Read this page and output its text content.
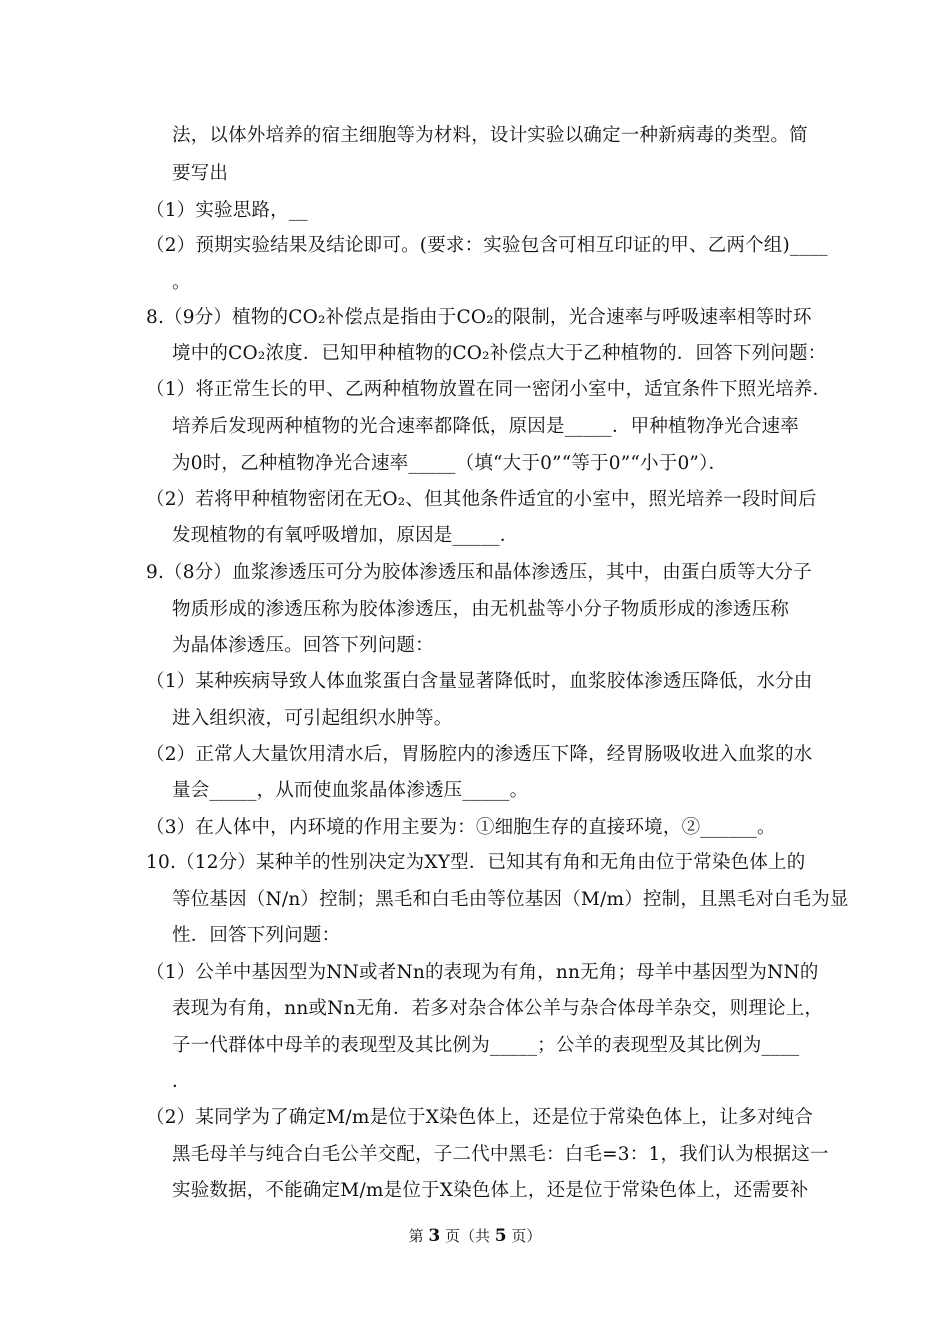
法，以体外培养的宿主细胞等为材料，设计实验以确定一种新病毒的类型。简
要写出
（1）实验思路，__
（2）预期实验结果及结论即可。(要求：实验包含可相互印证的甲、乙两个组)____
。
8.（9分）植物的CO₂补偿点是指由于CO₂的限制，光合速率与呼吸速率相等时环
境中的CO₂浓度．已知甲种植物的CO₂补偿点大于乙种植物的．回答下列问题：
（1）将正常生长的甲、乙两种植物放置在同一密闭小室中，适宜条件下照光培养．
培养后发现两种植物的光合速率都降低，原因是_____．甲种植物净光合速率
为0时，乙种植物净光合速率_____（填“大于0”“等于0”“小于0”）．
（2）若将甲种植物密闭在无O₂、但其他条件适宜的小室中，照光培养一段时间后
发现植物的有氧呼吸增加，原因是_____．
9.（8分）血浆渗透压可分为胶体渗透压和晶体渗透压，其中，由蛋白质等大分子
物质形成的渗透压称为胶体渗透压，由无机盐等小分子物质形成的渗透压称
为晶体渗透压。回答下列问题：
（1）某种疾病导致人体血浆蛋白含量显著降低时，血浆胶体渗透压降低，水分由
进入组织液，可引起组织水肿等。
（2）正常人大量饮用清水后，胃肠腔内的渗透压下降，经胃肠吸收进入血浆的水
量会_____，从而使血浆晶体渗透压_____。
（3）在人体中，内环境的作用主要为：①细胞生存的直接环境，②______。
10.（12分）某种羊的性别决定为XY型．已知其有角和无角由位于常染色体上的
等位基因（N/n）控制；黑毛和白毛由等位基因（M/m）控制，且黑毛对白毛为显
性．回答下列问题：
（1）公羊中基因型为NN或者Nn的表现为有角，nn无角；母羊中基因型为NN的
表现为有角，nn或Nn无角．若多对杂合体公羊与杂合体母羊杂交，则理论上，
子一代群体中母羊的表现型及其比例为_____；公羊的表现型及其比例为____
．
（2）某同学为了确定M/m是位于X染色体上，还是位于常染色体上，让多对纯合
黑毛母羊与纯合白毛公羊交配，子二代中黑毛：白毛=3：1，我们认为根据这一
实验数据，不能确定M/m是位于X染色体上，还是位于常染色体上，还需要补
第 3 页（共 5 页）
